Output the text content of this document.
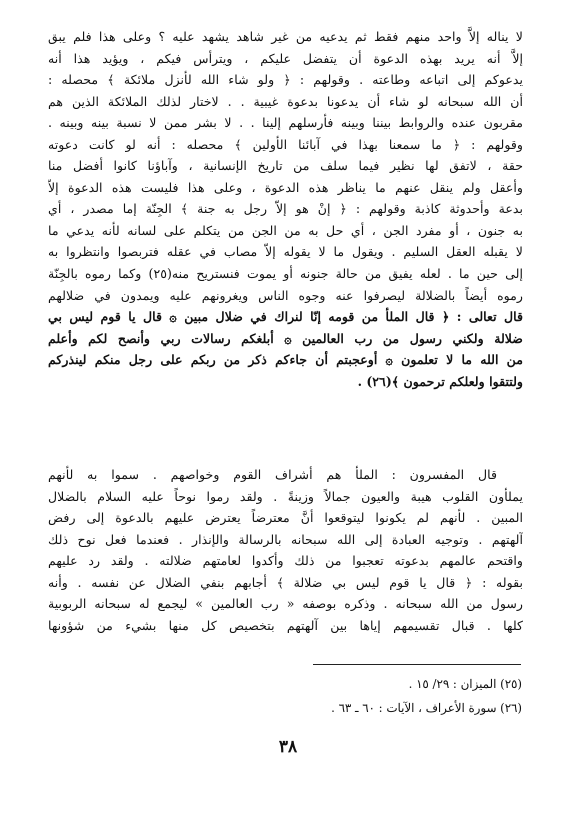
لا يناله إلاَّ واحد منهم فقط ثم يدعيه من غير شاهد يشهد عليه ؟ وعلى هذا فلم يبق
إلاَّ أنه يريد بهذه الدعوة أن يتفضل عليكم ، ويترأس فيكم ، ويؤيد هذا أنه
يدعوكم إلى اتباعه وطاعته . وقولهم : ﴿ ولو شاء الله لأنزل ملائكة ﴾ محصله :
أن الله سبحانه لو شاء أن يدعونا بدعوة غيبية . . لاختار لذلك الملائكة الذين هم
مقربون عنده والروابط بيننا وبينه فأرسلهم إلينا . . لا بشر ممن لا نسبة بينه وبينه .
وقولهم : ﴿ ما سمعنا بهذا في آبائنا الأولين ﴾ محصله : أنه لو كانت دعوته
حقة ، لاتفق لها نظير فيما سلف من تاريخ الإنسانية ، وآباؤنا كانوا أفضل منا
وأعقل ولم ينقل عنهم ما يناظر هذه الدعوة ، وعلى هذا فليست هذه الدعوة إلاّ
بدعة وأحدوثة كاذبة وقولهم : ﴿ إنْ هو إلاّ رجل به جنة ﴾ الجِنّة إما مصدر ، أي
به جنون ، أو مفرد الجن ، أي حل به من الجن من يتكلم على لسانه لأنه يدعي ما
لا يقبله العقل السليم . ويقول ما لا يقوله إلاّ مصاب في عقله فتربصوا وانتظروا به
إلى حين ما . لعله يفيق من حالة جنونه أو يموت فنستريح منه(٢٥) وكما رموه بالجِنّة
رموه أيضاً بالضلالة ليصرفوا عنه وجوه الناس ويغرونهم عليه ويمدون في ضلالهم
قال تعالى : ﴿ قال الملأ من قومه إنّا لنراك في ضلال مبين ۞ قال يا قوم ليس بي
ضلالة ولكني رسول من رب العالمين ۞ أبلغكم رسالات ربي وأنصح لكم وأعلم
من الله ما لا تعلمون ۞ أوعجبتم أن جاءكم ذكر من ربكم على رجل منكم لينذركم
ولتتقوا ولعلكم ترحمون ﴾(٢٦) .
قال المفسرون : الملأ هم أشراف القوم وخواصهم . سموا به لأنهم
يملأون القلوب هيبة والعيون جمالاً وزينةً . ولقد رموا نوحاً عليه السلام بالضلال
المبين . لأنهم لم يكونوا ليتوقعوا أنَّ معترضاً يعترض عليهم بالدعوة إلى رفض
آلهتهم . وتوجيه العبادة إلى الله سبحانه بالرسالة والإنذار . فعندما فعل نوح ذلك
واقتحم عالمهم بدعوته تعجبوا من ذلك وأكدوا لعامتهم ضلالته . ولقد رد عليهم
بقوله : ﴿ قال يا قوم ليس بي ضلالة ﴾ أجابهم بنفي الضلال عن نفسه . وأنه
رسول من الله سبحانه . وذكره بوصفه « رب العالمين » ليجمع له سبحانه الربوبية
كلها . قبال تقسيمهم إياها بين آلهتهم بتخصيص كل منها بشيء من شؤونها
(٢٥) الميزان : ٢٩/ ١٥ .
(٢٦) سورة الأعراف ، الآيات : ٦٠ ـ ٦٣ .
٣٨
